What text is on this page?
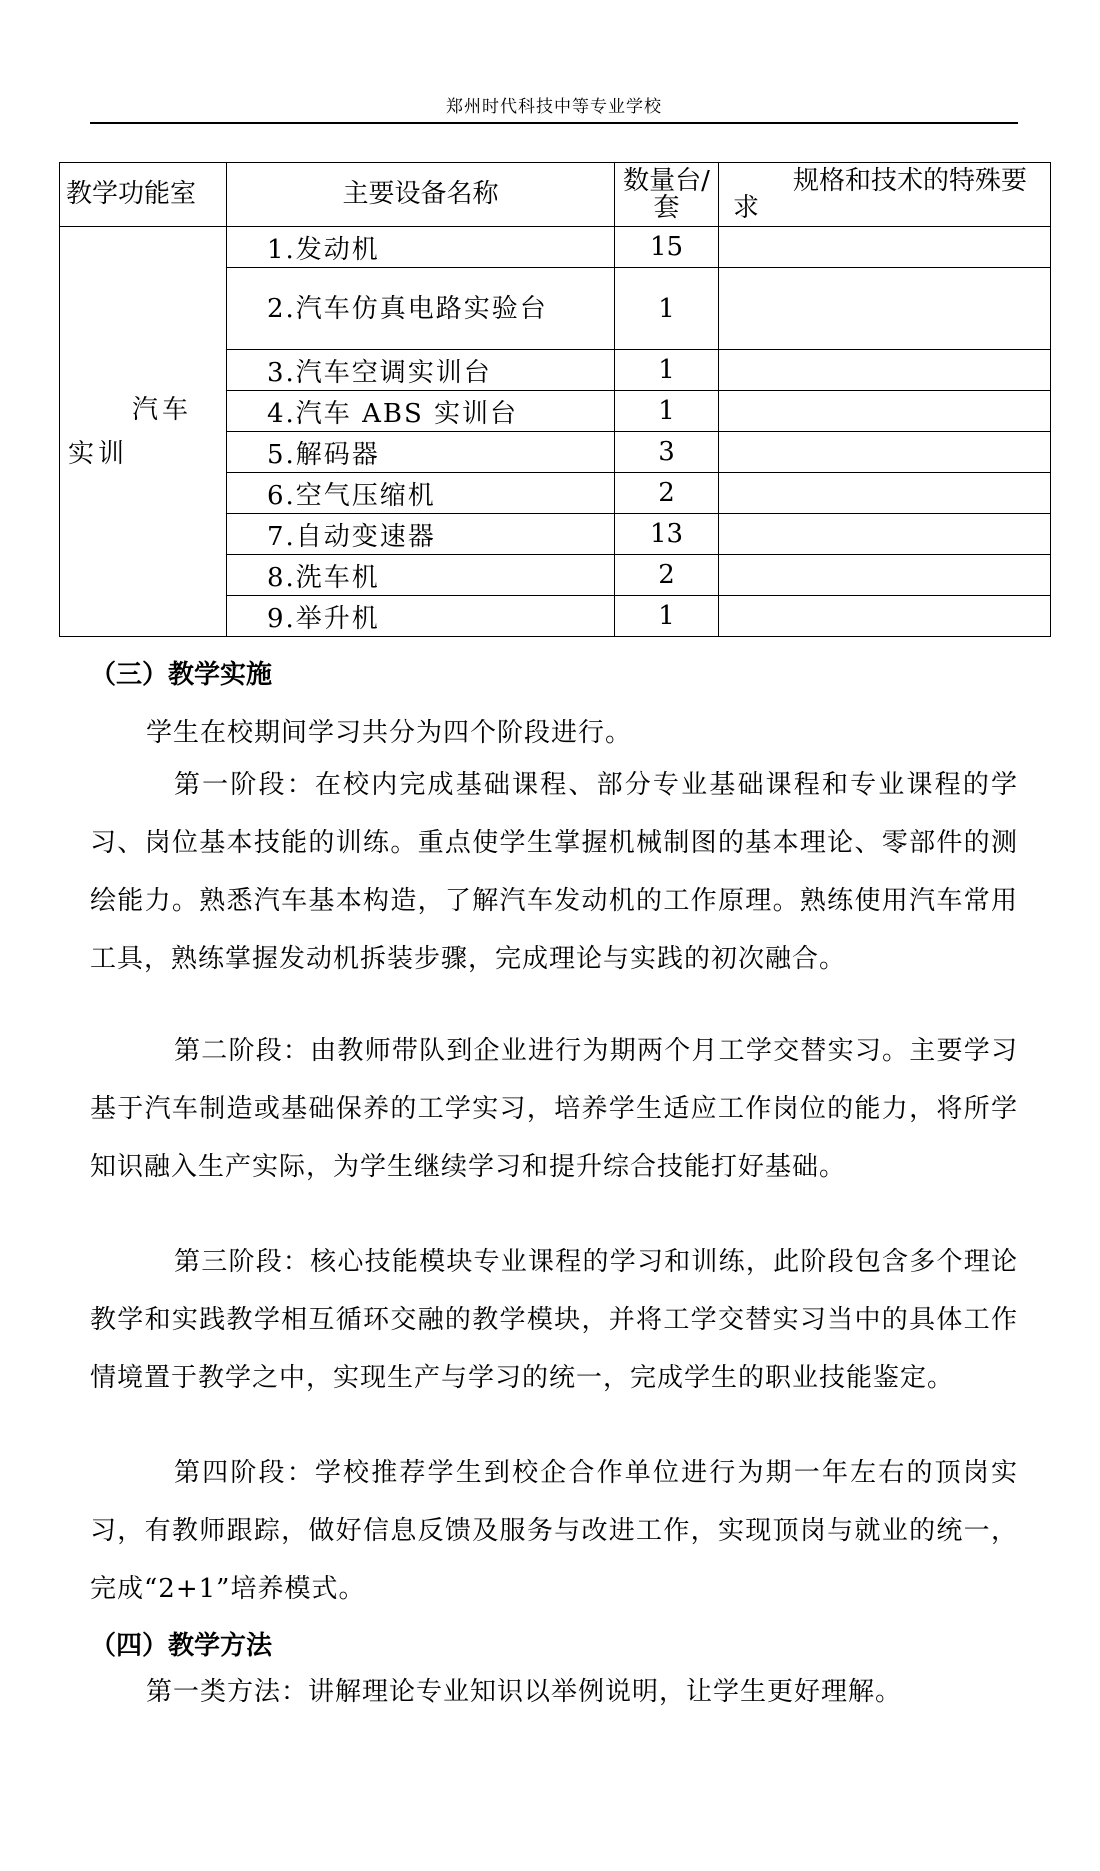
郑州时代科技中等专业学校
教学功能室	主要设备名称	数量台/套	规格和技术的特殊要求

汽车
实训	1.发动机	15	
	2.汽车仿真电路实验台	1	
	3.汽车空调实训台	1	
	4.汽车 ABS 实训台	1	
	5.解码器	3	
	6.空气压缩机	2	
	7.自动变速器	13	
	8.洗车机	2	
	9.举升机	1	
（三）教学实施

学生在校期间学习共分为四个阶段进行。

第一阶段：在校内完成基础课程、部分专业基础课程和专业课程的学习、岗位基本技能的训练。重点使学生掌握机械制图的基本理论、零部件的测绘能力。熟悉汽车基本构造，了解汽车发动机的工作原理。熟练使用汽车常用工具，熟练掌握发动机拆装步骤，完成理论与实践的初次融合。

第二阶段：由教师带队到企业进行为期两个月工学交替实习。主要学习基于汽车制造或基础保养的工学实习，培养学生适应工作岗位的能力，将所学知识融入生产实际，为学生继续学习和提升综合技能打好基础。

第三阶段：核心技能模块专业课程的学习和训练，此阶段包含多个理论教学和实践教学相互循环交融的教学模块，并将工学交替实习当中的具体工作情境置于教学之中，实现生产与学习的统一，完成学生的职业技能鉴定。

第四阶段：学校推荐学生到校企合作单位进行为期一年左右的顶岗实习，有教师跟踪，做好信息反馈及服务与改进工作，实现顶岗与就业的统一，完成“2+1”培养模式。

（四）教学方法

第一类方法：讲解理论专业知识以举例说明，让学生更好理解。
